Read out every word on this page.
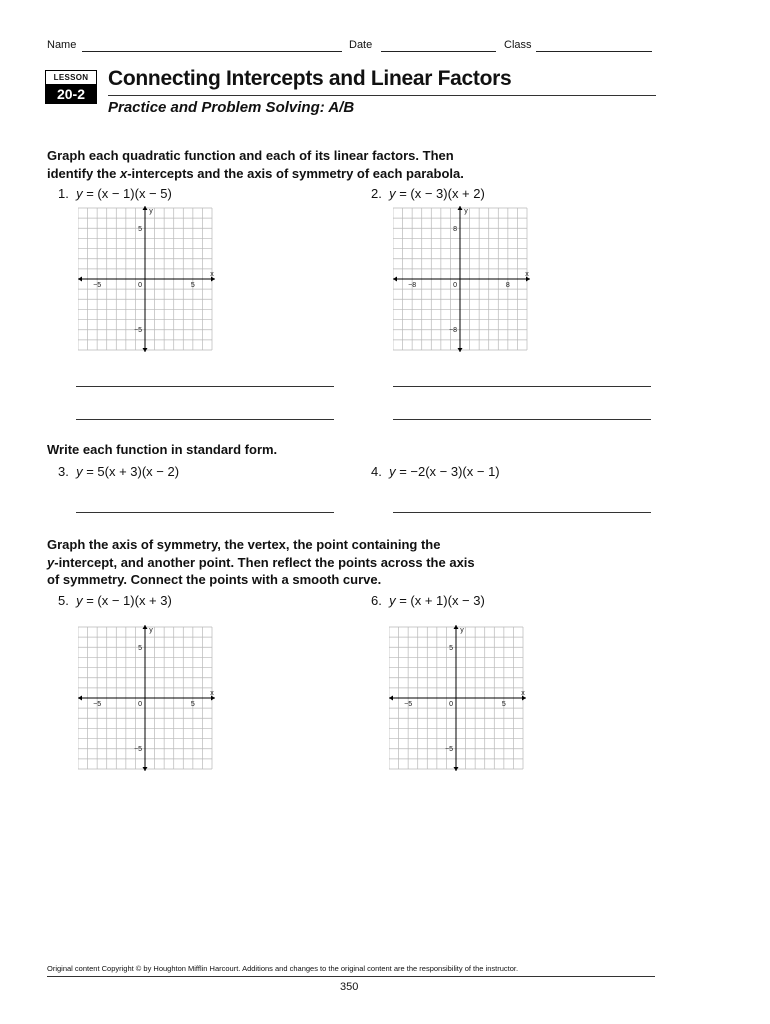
Name	Date	Class
LESSON
20-2
Connecting Intercepts and Linear Factors
Practice and Problem Solving: A/B
Graph each quadratic function and each of its linear factors. Then
identify the x-intercepts and the axis of symmetry of each parabola.
1. y = (x − 1)(x − 5)	2. y = (x − 3)(x + 2)
x
y
0
−5	5
5
−5
x
y
0
−8	8
8
−8
Write each function in standard form.
3. y = 5(x + 3)(x − 2)	4. y = −2(x − 3)(x − 1)
Graph the axis of symmetry, the vertex, the point containing the
y-intercept, and another point. Then reflect the points across the axis
of symmetry. Connect the points with a smooth curve.
5. y = (x − 1)(x + 3)	6. y = (x + 1)(x − 3)
x
y
0
−5	5
5
−5
x
y
0
−5	5
5
−5
Original content Copyright © by Houghton Mifflin Harcourt. Additions and changes to the original content are the responsibility of the instructor.
350
